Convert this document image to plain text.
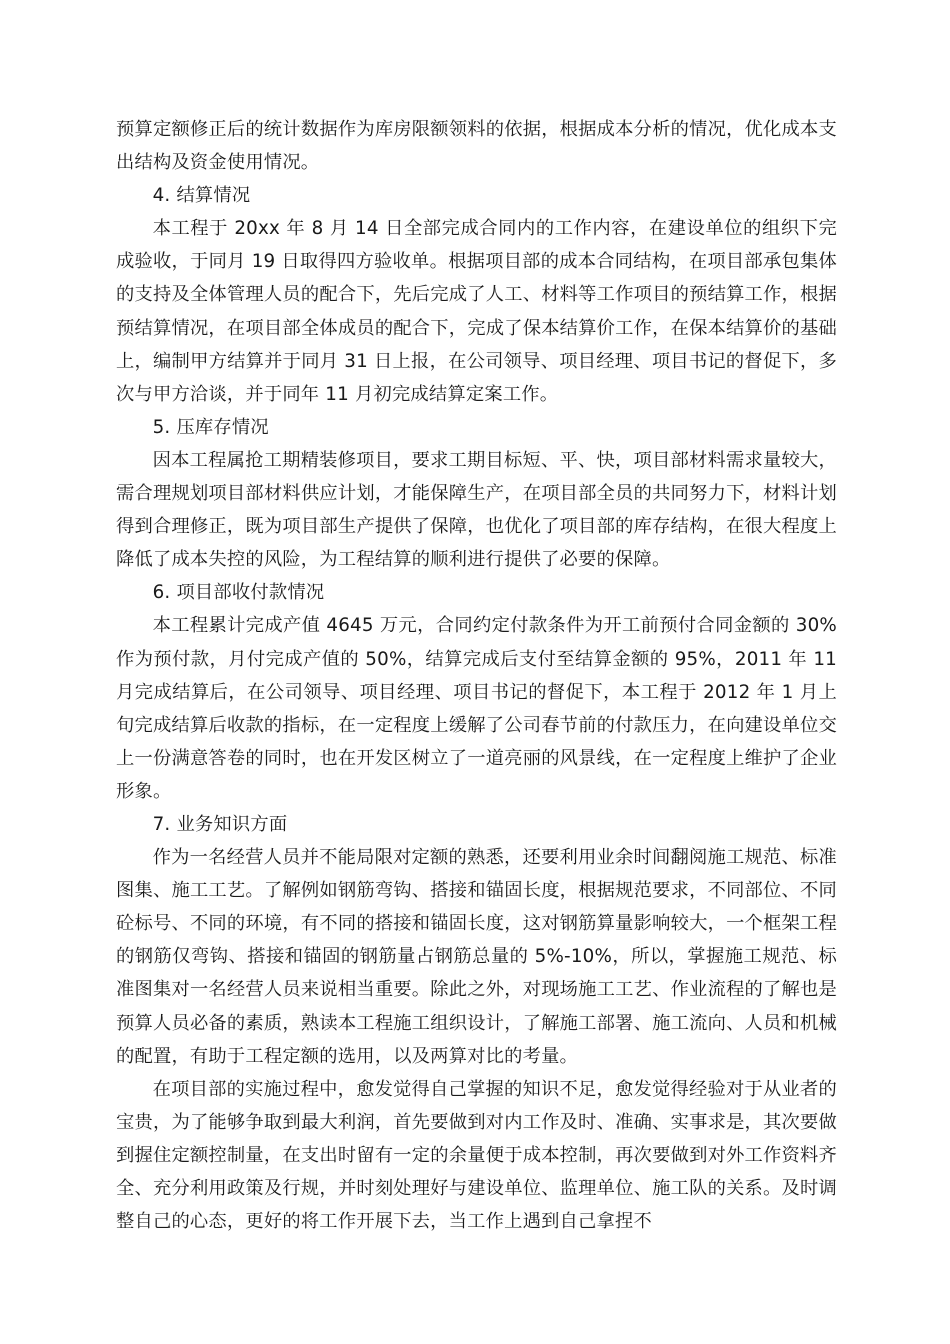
预算定额修正后的统计数据作为库房限额领料的依据，根据成本分析的情况，优化成本支出结构及资金使用情况。

4. 结算情况

本工程于 20xx 年 8 月 14 日全部完成合同内的工作内容，在建设单位的组织下完成验收，于同月 19 日取得四方验收单。根据项目部的成本合同结构，在项目部承包集体的支持及全体管理人员的配合下，先后完成了人工、材料等工作项目的预结算工作，根据预结算情况，在项目部全体成员的配合下，完成了保本结算价工作，在保本结算价的基础上，编制甲方结算并于同月 31 日上报，在公司领导、项目经理、项目书记的督促下，多次与甲方洽谈，并于同年 11 月初完成结算定案工作。

5. 压库存情况

因本工程属抢工期精装修项目，要求工期目标短、平、快，项目部材料需求量较大，需合理规划项目部材料供应计划，才能保障生产，在项目部全员的共同努力下，材料计划得到合理修正，既为项目部生产提供了保障，也优化了项目部的库存结构，在很大程度上降低了成本失控的风险，为工程结算的顺利进行提供了必要的保障。

6. 项目部收付款情况

本工程累计完成产值 4645 万元，合同约定付款条件为开工前预付合同金额的 30%作为预付款，月付完成产值的 50%，结算完成后支付至结算金额的 95%，2011 年 11 月完成结算后，在公司领导、项目经理、项目书记的督促下，本工程于 2012 年 1 月上旬完成结算后收款的指标，在一定程度上缓解了公司春节前的付款压力，在向建设单位交上一份满意答卷的同时，也在开发区树立了一道亮丽的风景线，在一定程度上维护了企业形象。

7. 业务知识方面

作为一名经营人员并不能局限对定额的熟悉，还要利用业余时间翻阅施工规范、标准图集、施工工艺。了解例如钢筋弯钩、搭接和锚固长度，根据规范要求，不同部位、不同砼标号、不同的环境，有不同的搭接和锚固长度，这对钢筋算量影响较大，一个框架工程的钢筋仅弯钩、搭接和锚固的钢筋量占钢筋总量的 5%-10%，所以，掌握施工规范、标准图集对一名经营人员来说相当重要。除此之外，对现场施工工艺、作业流程的了解也是预算人员必备的素质，熟读本工程施工组织设计，了解施工部署、施工流向、人员和机械的配置，有助于工程定额的选用，以及两算对比的考量。

在项目部的实施过程中，愈发觉得自己掌握的知识不足，愈发觉得经验对于从业者的宝贵，为了能够争取到最大利润，首先要做到对内工作及时、准确、实事求是，其次要做到握住定额控制量，在支出时留有一定的余量便于成本控制，再次要做到对外工作资料齐全、充分利用政策及行规，并时刻处理好与建设单位、监理单位、施工队的关系。及时调整自己的心态，更好的将工作开展下去，当工作上遇到自己拿捏不
